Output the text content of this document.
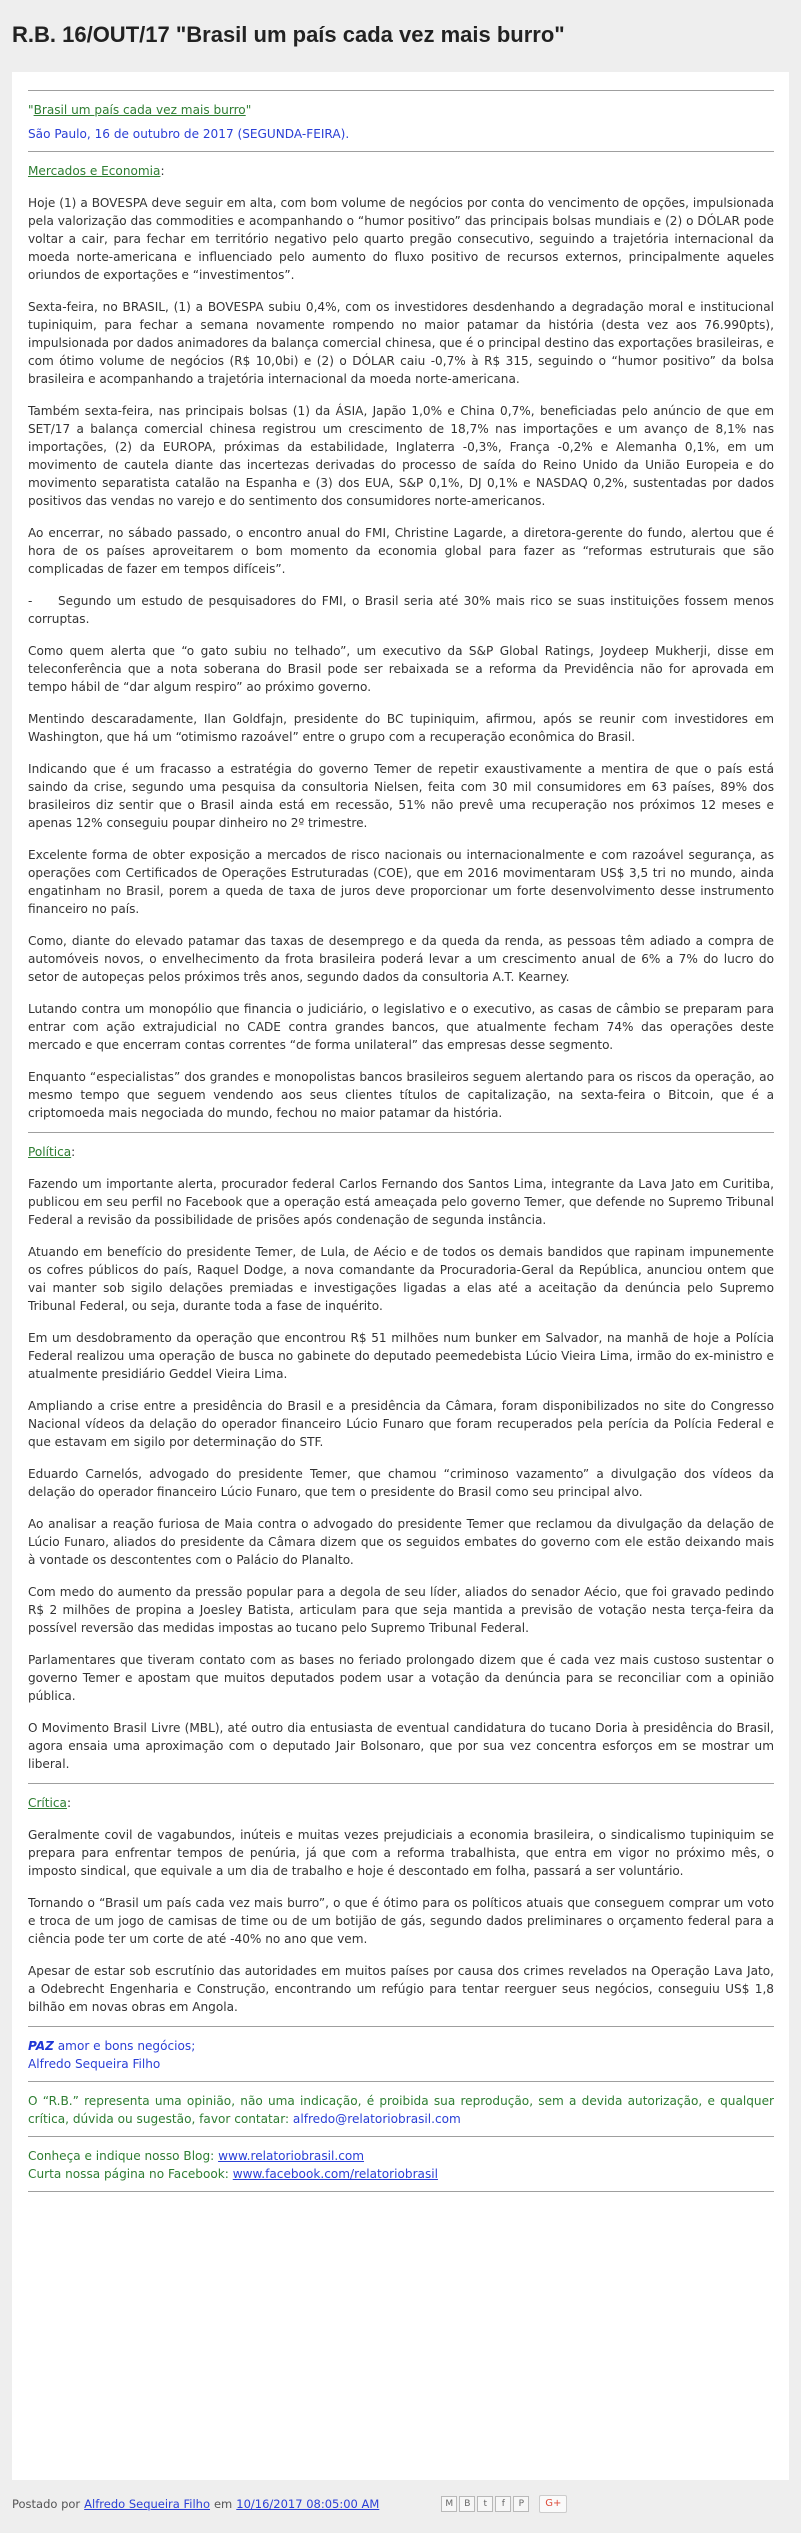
R.B. 16/OUT/17 "Brasil um país cada vez mais burro"

"Brasil um país cada vez mais burro"

São Paulo, 16 de outubro de 2017 (SEGUNDA-FEIRA).

Mercados e Economia:

Hoje (1) a BOVESPA deve seguir em alta, com bom volume de negócios por conta do vencimento de opções, impulsionada pela valorização das commodities e acompanhando o “humor positivo” das principais bolsas mundiais e (2) o DÓLAR pode voltar a cair, para fechar em território negativo pelo quarto pregão consecutivo, seguindo a trajetória internacional da moeda norte-americana e influenciado pelo aumento do fluxo positivo de recursos externos, principalmente aqueles oriundos de exportações e “investimentos”.

Sexta-feira, no BRASIL, (1) a BOVESPA subiu 0,4%, com os investidores desdenhando a degradação moral e institucional tupiniquim, para fechar a semana novamente rompendo no maior patamar da história (desta vez aos 76.990pts), impulsionada por dados animadores da balança comercial chinesa, que é o principal destino das exportações brasileiras, e com ótimo volume de negócios (R$ 10,0bi) e (2) o DÓLAR caiu -0,7% à R$ 315, seguindo o “humor positivo” da bolsa brasileira e acompanhando a trajetória internacional da moeda norte-americana.

Também sexta-feira, nas principais bolsas (1) da ÁSIA, Japão 1,0% e China 0,7%, beneficiadas pelo anúncio de que em SET/17 a balança comercial chinesa registrou um crescimento de 18,7% nas importações e um avanço de 8,1% nas importações, (2) da EUROPA, próximas da estabilidade, Inglaterra -0,3%, França -0,2% e Alemanha 0,1%, em um movimento de cautela diante das incertezas derivadas do processo de saída do Reino Unido da União Europeia e do movimento separatista catalão na Espanha e (3) dos EUA, S&P 0,1%, DJ 0,1% e NASDAQ 0,2%, sustentadas por dados positivos das vendas no varejo e do sentimento dos consumidores norte-americanos.

Ao encerrar, no sábado passado, o encontro anual do FMI, Christine Lagarde, a diretora-gerente do fundo, alertou que é hora de os países aproveitarem o bom momento da economia global para fazer as “reformas estruturais que são complicadas de fazer em tempos difíceis”.

- Segundo um estudo de pesquisadores do FMI, o Brasil seria até 30% mais rico se suas instituições fossem menos corruptas.

Como quem alerta que “o gato subiu no telhado”, um executivo da S&P Global Ratings, Joydeep Mukherji, disse em teleconferência que a nota soberana do Brasil pode ser rebaixada se a reforma da Previdência não for aprovada em tempo hábil de “dar algum respiro” ao próximo governo.

Mentindo descaradamente, Ilan Goldfajn, presidente do BC tupiniquim, afirmou, após se reunir com investidores em Washington, que há um “otimismo razoável” entre o grupo com a recuperação econômica do Brasil.

Indicando que é um fracasso a estratégia do governo Temer de repetir exaustivamente a mentira de que o país está saindo da crise, segundo uma pesquisa da consultoria Nielsen, feita com 30 mil consumidores em 63 países, 89% dos brasileiros diz sentir que o Brasil ainda está em recessão, 51% não prevê uma recuperação nos próximos 12 meses e apenas 12% conseguiu poupar dinheiro no 2º trimestre.

Excelente forma de obter exposição a mercados de risco nacionais ou internacionalmente e com razoável segurança, as operações com Certificados de Operações Estruturadas (COE), que em 2016 movimentaram US$ 3,5 tri no mundo, ainda engatinham no Brasil, porem a queda de taxa de juros deve proporcionar um forte desenvolvimento desse instrumento financeiro no país.

Como, diante do elevado patamar das taxas de desemprego e da queda da renda, as pessoas têm adiado a compra de automóveis novos, o envelhecimento da frota brasileira poderá levar a um crescimento anual de 6% a 7% do lucro do setor de autopeças pelos próximos três anos, segundo dados da consultoria A.T. Kearney.

Lutando contra um monopólio que financia o judiciário, o legislativo e o executivo, as casas de câmbio se preparam para entrar com ação extrajudicial no CADE contra grandes bancos, que atualmente fecham 74% das operações deste mercado e que encerram contas correntes “de forma unilateral” das empresas desse segmento.

Enquanto “especialistas” dos grandes e monopolistas bancos brasileiros seguem alertando para os riscos da operação, ao mesmo tempo que seguem vendendo aos seus clientes títulos de capitalização, na sexta-feira o Bitcoin, que é a criptomoeda mais negociada do mundo, fechou no maior patamar da história.

Política:

Fazendo um importante alerta, procurador federal Carlos Fernando dos Santos Lima, integrante da Lava Jato em Curitiba, publicou em seu perfil no Facebook que a operação está ameaçada pelo governo Temer, que defende no Supremo Tribunal Federal a revisão da possibilidade de prisões após condenação de segunda instância.

Atuando em benefício do presidente Temer, de Lula, de Aécio e de todos os demais bandidos que rapinam impunemente os cofres públicos do país, Raquel Dodge, a nova comandante da Procuradoria-Geral da República, anunciou ontem que vai manter sob sigilo delações premiadas e investigações ligadas a elas até a aceitação da denúncia pelo Supremo Tribunal Federal, ou seja, durante toda a fase de inquérito.

Em um desdobramento da operação que encontrou R$ 51 milhões num bunker em Salvador, na manhã de hoje a Polícia Federal realizou uma operação de busca no gabinete do deputado peemedebista Lúcio Vieira Lima, irmão do ex-ministro e atualmente presidiário Geddel Vieira Lima.

Ampliando a crise entre a presidência do Brasil e a presidência da Câmara, foram disponibilizados no site do Congresso Nacional vídeos da delação do operador financeiro Lúcio Funaro que foram recuperados pela perícia da Polícia Federal e que estavam em sigilo por determinação do STF.

Eduardo Carnelós, advogado do presidente Temer, que chamou “criminoso vazamento” a divulgação dos vídeos da delação do operador financeiro Lúcio Funaro, que tem o presidente do Brasil como seu principal alvo.

Ao analisar a reação furiosa de Maia contra o advogado do presidente Temer que reclamou da divulgação da delação de Lúcio Funaro, aliados do presidente da Câmara dizem que os seguidos embates do governo com ele estão deixando mais à vontade os descontentes com o Palácio do Planalto.

Com medo do aumento da pressão popular para a degola de seu líder, aliados do senador Aécio, que foi gravado pedindo R$ 2 milhões de propina a Joesley Batista, articulam para que seja mantida a previsão de votação nesta terça-feira da possível reversão das medidas impostas ao tucano pelo Supremo Tribunal Federal.

Parlamentares que tiveram contato com as bases no feriado prolongado dizem que é cada vez mais custoso sustentar o governo Temer e apostam que muitos deputados podem usar a votação da denúncia para se reconciliar com a opinião pública.

O Movimento Brasil Livre (MBL), até outro dia entusiasta de eventual candidatura do tucano Doria à presidência do Brasil, agora ensaia uma aproximação com o deputado Jair Bolsonaro, que por sua vez concentra esforços em se mostrar um liberal.

Crítica:

Geralmente covil de vagabundos, inúteis e muitas vezes prejudiciais a economia brasileira, o sindicalismo tupiniquim se prepara para enfrentar tempos de penúria, já que com a reforma trabalhista, que entra em vigor no próximo mês, o imposto sindical, que equivale a um dia de trabalho e hoje é descontado em folha, passará a ser voluntário.

Tornando o “Brasil um país cada vez mais burro”, o que é ótimo para os políticos atuais que conseguem comprar um voto e troca de um jogo de camisas de time ou de um botijão de gás, segundo dados preliminares o orçamento federal para a ciência pode ter um corte de até -40% no ano que vem.

Apesar de estar sob escrutínio das autoridades em muitos países por causa dos crimes revelados na Operação Lava Jato, a Odebrecht Engenharia e Construção, encontrando um refúgio para tentar reerguer seus negócios, conseguiu US$ 1,8 bilhão em novas obras em Angola.

PAZ amor e bons negócios;

Alfredo Sequeira Filho

O “R.B.” representa uma opinião, não uma indicação, é proibida sua reprodução, sem a devida autorização, e qualquer crítica, dúvida ou sugestão, favor contatar: alfredo@relatoriobrasil.com

Conheça e indique nosso Blog: www.relatoriobrasil.com

Curta nossa página no Facebook: www.facebook.com/relatoriobrasil

Postado por Alfredo Sequeira Filho em 10/16/2017 08:05:00 AM	M	B	t	f	P	G+
